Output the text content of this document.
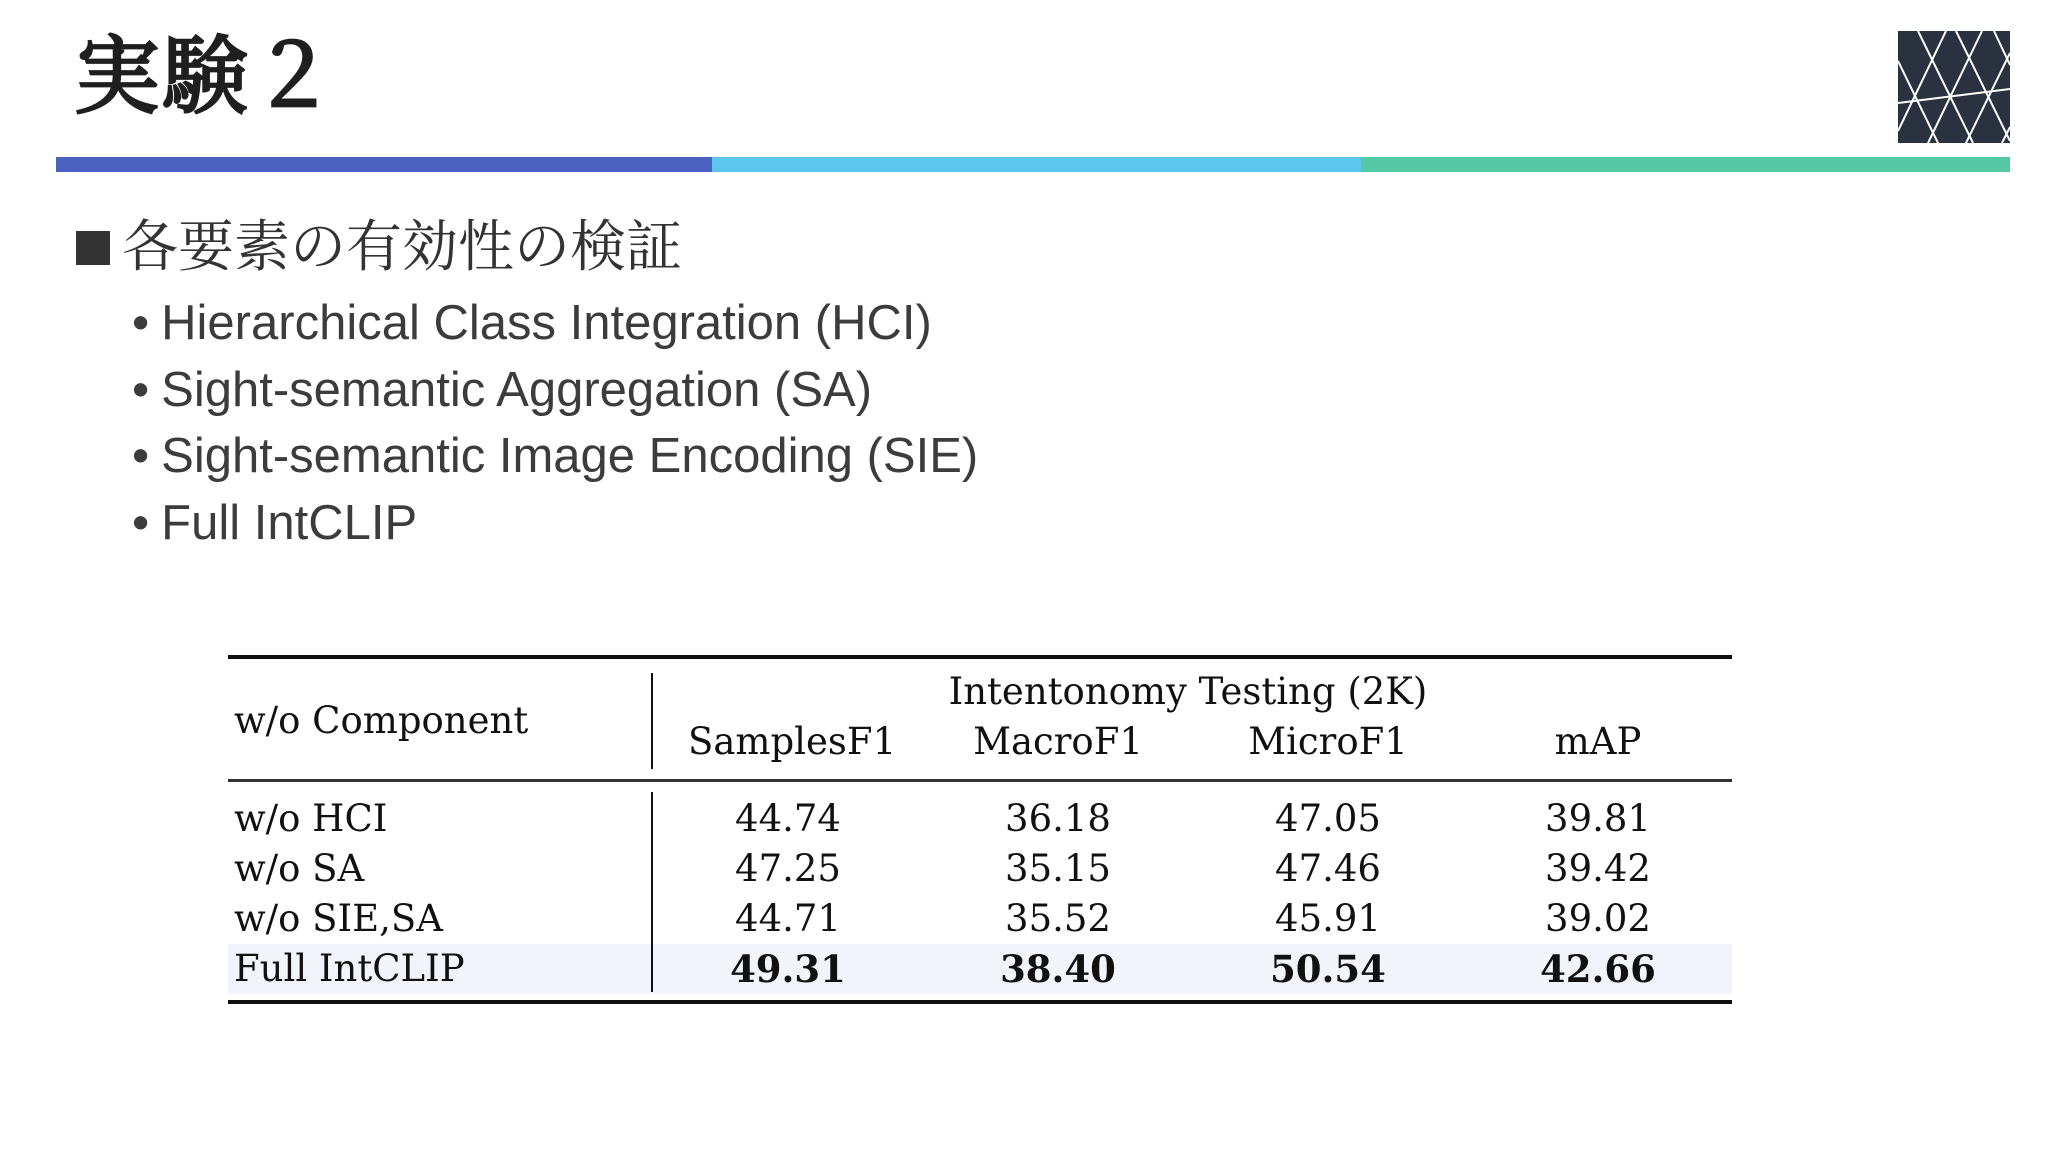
実験２
各要素の有効性の検証
• Hierarchical Class Integration (HCI)
• Sight-semantic Aggregation (SA)
• Sight-semantic Image Encoding (SIE)
• Full IntCLIP
w/o Component
Intentonomy Testing (2K)
SamplesF1	MacroF1	MicroF1	mAP
w/o HCI	44.74	36.18	47.05	39.81
w/o SA	47.25	35.15	47.46	39.42
w/o SIE,SA	44.71	35.52	45.91	39.02
Full IntCLIP	49.31	38.40	50.54	42.66
